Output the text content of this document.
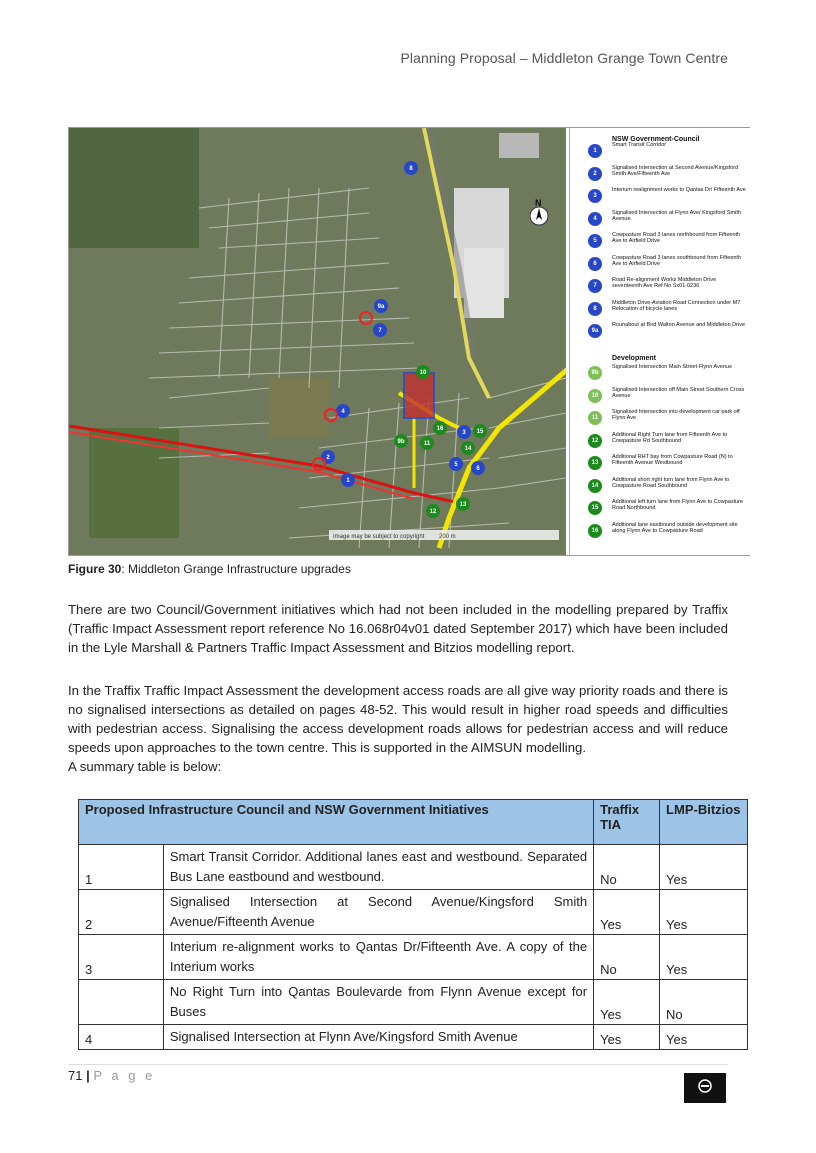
Planning Proposal – Middleton Grange Town Centre
N
Image may be subject to copyright 200 m
8
9a
7
4
2
1
3
5
6
10
9b	11
16
14
15
12
13
NSW Government-Council
1
Smart Transit Corridor
2
Signalised Intersection at Second Avenue/Kingsford Smith Ave/Fifteenth Ave
3
Interium realignment works to Qantas Dr/ Fifteenth Ave
4
Signalised Intersection at Flynn Ave/ Kingsford Smith Avenue
5
Cowpasture Road 3 lanes northbound from Fifteenth Ave to Airfield Drive
6
Cowpasture Road 3 lanes southbound from Fifteenth Ave to Airfield Drive
7
Road Re-alignment Works Middleton Drive seventeenth Ave Ref No Sx01-0236
8
Middleton Drive-Aviation Road Connection under M7 Relocation of bicycle lanes
9a
Rounabout at Bird Walton Avenue and Middleton Drive
Development
9b
Signalised Intersection Main Street-Flynn Avenue
10
Signalised Intersection off Main Street Southern Cross Avenue
11
Signalised Intersection into development car park off Flynn Ave
12
Additional Right Turn lane from Fifteenth Ave to Cowpasture Rd Southbound
13
Additional RHT bay from Cowpasture Road (N) to Fifteenth Avenue Westbound
14
Additional short right turn lane from Flynn Ave to Cowpasture Road Southbound
15
Additional left turn lane from Flynn Ave to Cowpasture Road Northbound
16
Additional lane eastbound outside development site along Flynn Ave to Cowpasture Road
Figure 30: Middleton Grange Infrastructure upgrades
There are two Council/Government initiatives which had not been included in the modelling prepared by Traffix (Traffic Impact Assessment report reference No 16.068r04v01 dated September 2017) which have been included in the Lyle Marshall & Partners Traffic Impact Assessment and Bitzios modelling report.
In the Traffix Traffic Impact Assessment the development access roads are all give way priority roads and there is no signalised intersections as detailed on pages 48-52. This would result in higher road speeds and difficulties with pedestrian access. Signalising the access development roads allows for pedestrian access and will reduce speeds upon approaches to the town centre. This is supported in the AIMSUN modelling.
A summary table is below:
Proposed Infrastructure Council and NSW Government Initiatives		Traffix TIA	LMP-Bitzios
1	Smart Transit Corridor. Additional lanes east and westbound. Separated Bus Lane eastbound and westbound.	No	Yes
2	Signalised Intersection at Second Avenue/Kingsford Smith Avenue/Fifteenth Avenue	Yes	Yes
3	Interium re-alignment works to Qantas Dr/Fifteenth Ave. A copy of the Interium works	No	Yes
	No Right Turn into Qantas Boulevarde from Flynn Avenue except for Buses	Yes	No
4	Signalised Intersection at Flynn Ave/Kingsford Smith Avenue	Yes	Yes
71 | P a g e
